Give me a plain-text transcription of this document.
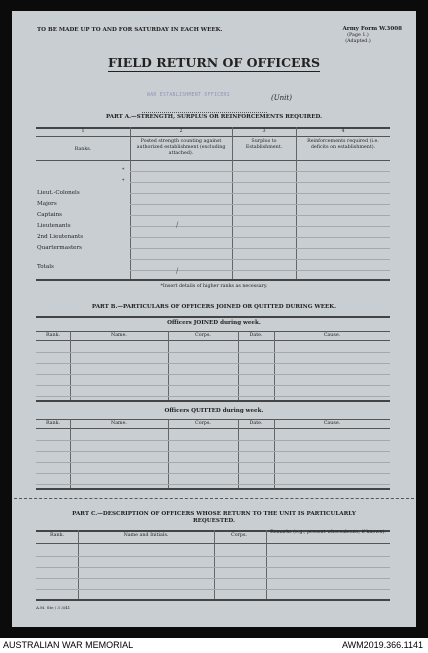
TO BE MADE UP TO AND FOR SATURDAY IN EACH WEEK.	Army Form W.3008
(Page 1.)
(Adapted.)
FIELD RETURN OF OFFICERS
WAR ESTABLISHMENT OFFICERS	(Unit)
PART A.—STRENGTH, SURPLUS OR REINFORCEMENTS REQUIRED.
1	2	3	4
Ranks.
Posted strength counting against authorized establishment (excluding attached).
Surplus to Establishment.
Reinforcements required (i.e. deficits on establishment).
*
*
Lieut.-Colonels
Majors
Captains
Lieutenants
2nd Lieutenants
Quartermasters
Totals
/
/
*Insert details of higher ranks as necessary.
PART B.—PARTICULARS OF OFFICERS JOINED OR QUITTED DURING WEEK.
Officers JOINED during week.
Rank.	Name.	Corps.	Date.	Cause.
Officers QUITTED during week.
Rank.	Name.	Corps.	Date.	Cause.
PART C.—DESCRIPTION OF OFFICERS WHOSE RETURN TO THE UNIT IS PARTICULARLY
REQUESTED.
Rank.	Name and Initials.	Corps.
Remarks (e.g., present whereabouts, if known).
A.M. Ste / 3 3/41
AUSTRALIAN WAR MEMORIAL	AWM2019.366.1141
